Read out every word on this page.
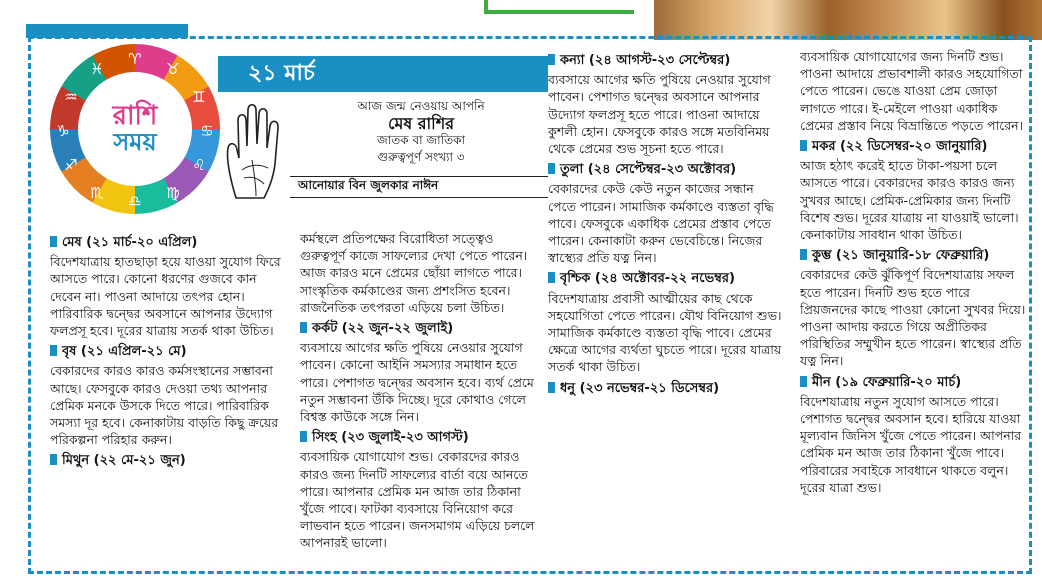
♈
♉
♊
♋
♌
♍
♎
♏
♐
♑
♒
♓
রাশি
সময়
২১ মার্চ
আজ জন্ম নেওয়ায় আপনি
মেষ রাশির
জাতক বা জাতিকা
গুরুত্বপূর্ণ সংখ্যা ৩
আনোয়ার বিন জুলকার নাঈন

মেষ (২১ মার্চ-২০ এপ্রিল)

বিদেশযাত্রায় হাতছাড়া হয়ে যাওয়া সুযোগ ফিরে আসতে পারে। কোনো ধরণের গুজবে কান দেবেন না। পাওনা আদায়ে তৎপর হোন। পারিবারিক দ্বন্দ্বের অবসানে আপনার উদ্যোগ ফলপ্রসূ হবে। দূরের যাত্রায় সতর্ক থাকা উচিত।

বৃষ (২১ এপ্রিল-২১ মে)

বেকারদের কারও কারও কর্মসংস্থানের সম্ভাবনা আছে। ফেসবুকে কারও দেওয়া তথ্য আপনার প্রেমিক মনকে উসকে দিতে পারে। পারিবারিক সমস্যা দূর হবে। কেনাকাটায় বাড়তি কিছু ক্রয়ের পরিকল্পনা পরিহার করুন।

মিথুন (২২ মে-২১ জুন)

কর্মস্থলে প্রতিপক্ষের বিরোধিতা সত্ত্বেও গুরুত্বপূর্ণ কাজে সাফল্যের দেখা পেতে পারেন। আজ কারও মনে প্রেমের ছোঁয়া লাগতে পারে। সাংস্কৃতিক কর্মকাণ্ডের জন্য প্রশংসিত হবেন। রাজনৈতিক তৎপরতা এড়িয়ে চলা উচিত।

কর্কট (২২ জুন-২২ জুলাই)

ব্যবসায়ে আগের ক্ষতি পুষিয়ে নেওয়ার সুযোগ পাবেন। কোনো আইনি সমস্যার সমাধান হতে পারে। পেশাগত দ্বন্দ্বের অবসান হবে। ব্যর্থ প্রেমে নতুন সম্ভাবনা উঁকি দিচ্ছে। দূরে কোথাও গেলে বিশ্বস্ত কাউকে সঙ্গে নিন।

সিংহ (২৩ জুলাই-২৩ আগস্ট)

ব্যবসায়িক যোগাযোগ শুভ। বেকারদের কারও কারও জন্য দিনটি সাফল্যের বার্তা বয়ে আনতে পারে। আপনার প্রেমিক মন আজ তার ঠিকানা খুঁজে পাবে। ফাটকা ব্যবসায়ে বিনিয়োগ করে লাভবান হতে পারেন। জনসমাগম এড়িয়ে চললে আপনারই ভালো।

কন্যা (২৪ আগস্ট-২৩ সেপ্টেম্বর)

ব্যবসায়ে আগের ক্ষতি পুষিয়ে নেওয়ার সুযোগ পাবেন। পেশাগত দ্বন্দ্বের অবসানে আপনার উদ্যোগ ফলপ্রসূ হতে পারে। পাওনা আদায়ে কুশলী হোন। ফেসবুকে কারও সঙ্গে মতবিনিময় থেকে প্রেমের শুভ সূচনা হতে পারে।

তুলা (২৪ সেপ্টেম্বর-২৩ অক্টোবর)

বেকারদের কেউ কেউ নতুন কাজের সন্ধান পেতে পারেন। সামাজিক কর্মকাণ্ডে ব্যস্ততা বৃদ্ধি পাবে। ফেসবুকে একাধিক প্রেমের প্রস্তাব পেতে পারেন। কেনাকাটা করুন ভেবেচিন্তে। নিজের স্বাস্থ্যের প্রতি যত্ন নিন।

বৃশ্চিক (২৪ অক্টোবর-২২ নভেম্বর)

বিদেশযাত্রায় প্রবাসী আত্মীয়ের কাছ থেকে সহযোগিতা পেতে পারেন। যৌথ বিনিয়োগ শুভ। সামাজিক কর্মকাণ্ডে ব্যস্ততা বৃদ্ধি পাবে। প্রেমের ক্ষেত্রে আগের ব্যর্থতা ঘুচতে পারে। দূরের যাত্রায় সতর্ক থাকা উচিত।

ধনু (২৩ নভেম্বর-২১ ডিসেম্বর)

ব্যবসায়িক যোগাযোগের জন্য দিনটি শুভ। পাওনা আদায়ে প্রভাবশালী কারও সহযোগিতা পেতে পারেন। ভেঙে যাওয়া প্রেম জোড়া লাগতে পারে। ই-মেইলে পাওয়া একাধিক প্রেমের প্রস্তাব নিয়ে বিভ্রান্তিতে পড়তে পারেন।

মকর (২২ ডিসেম্বর-২০ জানুয়ারি)

আজ হঠাৎ করেই হাতে টাকা-পয়সা চলে আসতে পারে। বেকারদের কারও কারও জন্য সুখবর আছে। প্রেমিক-প্রেমিকার জন্য দিনটি বিশেষ শুভ। দূরের যাত্রায় না যাওয়াই ভালো। কেনাকাটায় সাবধান থাকা উচিত।

কুম্ভ (২১ জানুয়ারি-১৮ ফেব্রুয়ারি)

বেকারদের কেউ ঝুঁকিপূর্ণ বিদেশযাত্রায় সফল হতে পারেন। দিনটি শুভ হতে পারে প্রিয়জনদের কাছে পাওয়া কোনো সুখবর দিয়ে। পাওনা আদায় করতে গিয়ে অপ্রীতিকর পরিস্থিতির সম্মুখীন হতে পারেন। স্বাস্থ্যের প্রতি যত্ন নিন।

মীন (১৯ ফেব্রুয়ারি-২০ মার্চ)

বিদেশযাত্রায় নতুন সুযোগ আসতে পারে। পেশাগত দ্বন্দ্বের অবসান হবে। হারিয়ে যাওয়া মূল্যবান জিনিস খুঁজে পেতে পারেন। আপনার প্রেমিক মন আজ তার ঠিকানা খুঁজে পাবে। পরিবারের সবাইকে সাবধানে থাকতে বলুন। দূরের যাত্রা শুভ।
